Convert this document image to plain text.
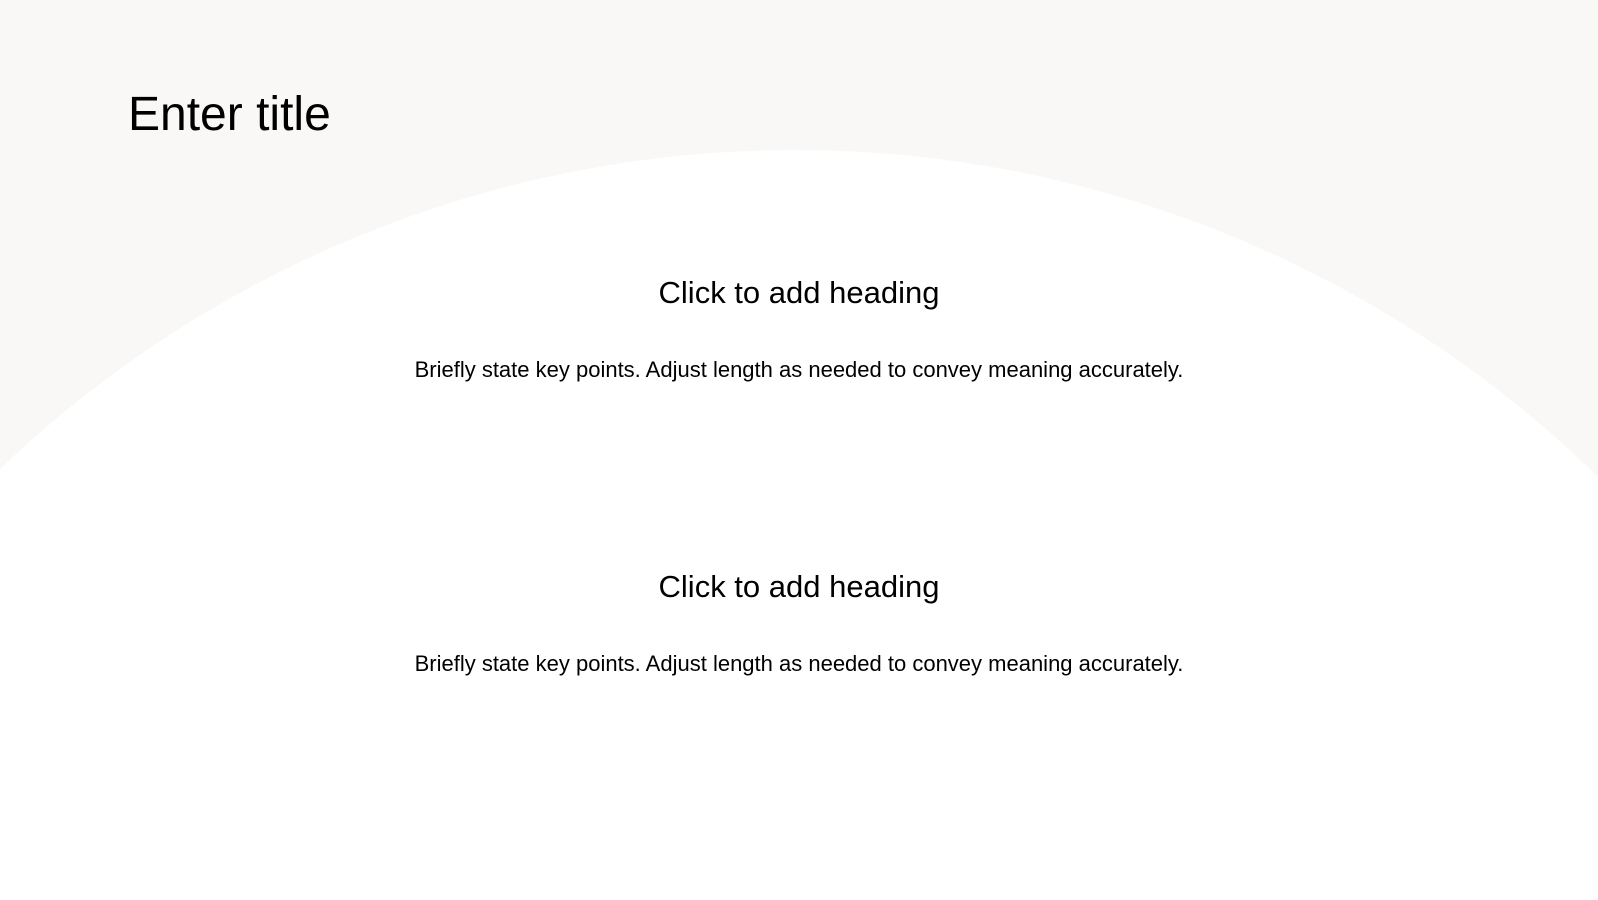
Enter title
Click to add heading
Briefly state key points. Adjust length as needed to convey meaning accurately.
Click to add heading
Briefly state key points. Adjust length as needed to convey meaning accurately.
